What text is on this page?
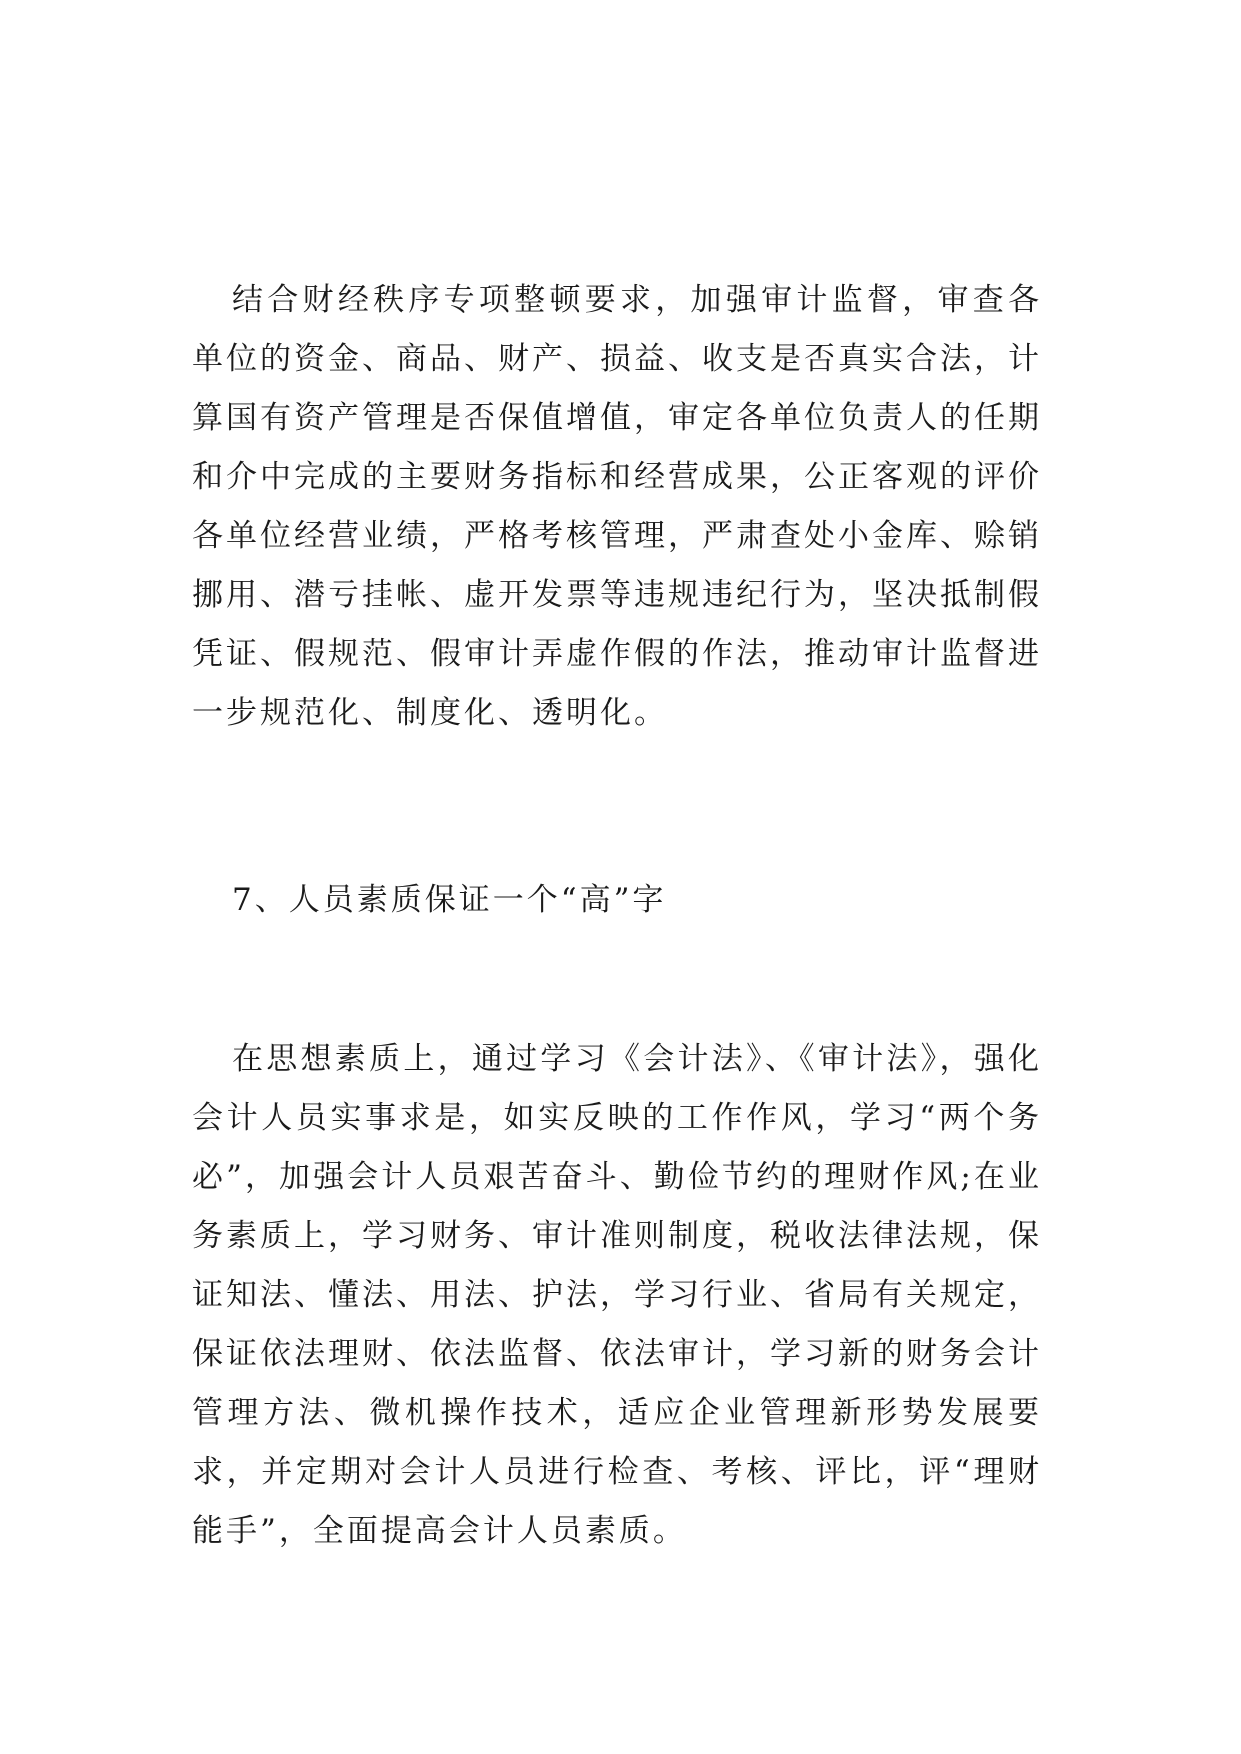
结合财经秩序专项整顿要求，加强审计监督，审查各单位的资金、商品、财产、损益、收支是否真实合法，计算国有资产管理是否保值增值，审定各单位负责人的任期和介中完成的主要财务指标和经营成果，公正客观的评价各单位经营业绩，严格考核管理，严肃查处小金库、赊销挪用、潜亏挂帐、虚开发票等违规违纪行为，坚决抵制假凭证、假规范、假审计弄虚作假的作法，推动审计监督进一步规范化、制度化、透明化。

7、人员素质保证一个“高”字

在思想素质上，通过学习《会计法》、《审计法》，强化会计人员实事求是，如实反映的工作作风，学习“两个务必”，加强会计人员艰苦奋斗、勤俭节约的理财作风;在业务素质上，学习财务、审计准则制度，税收法律法规，保证知法、懂法、用法、护法，学习行业、省局有关规定，保证依法理财、依法监督、依法审计，学习新的财务会计管理方法、微机操作技术，适应企业管理新形势发展要求，并定期对会计人员进行检查、考核、评比，评“理财能手”，全面提高会计人员素质。
